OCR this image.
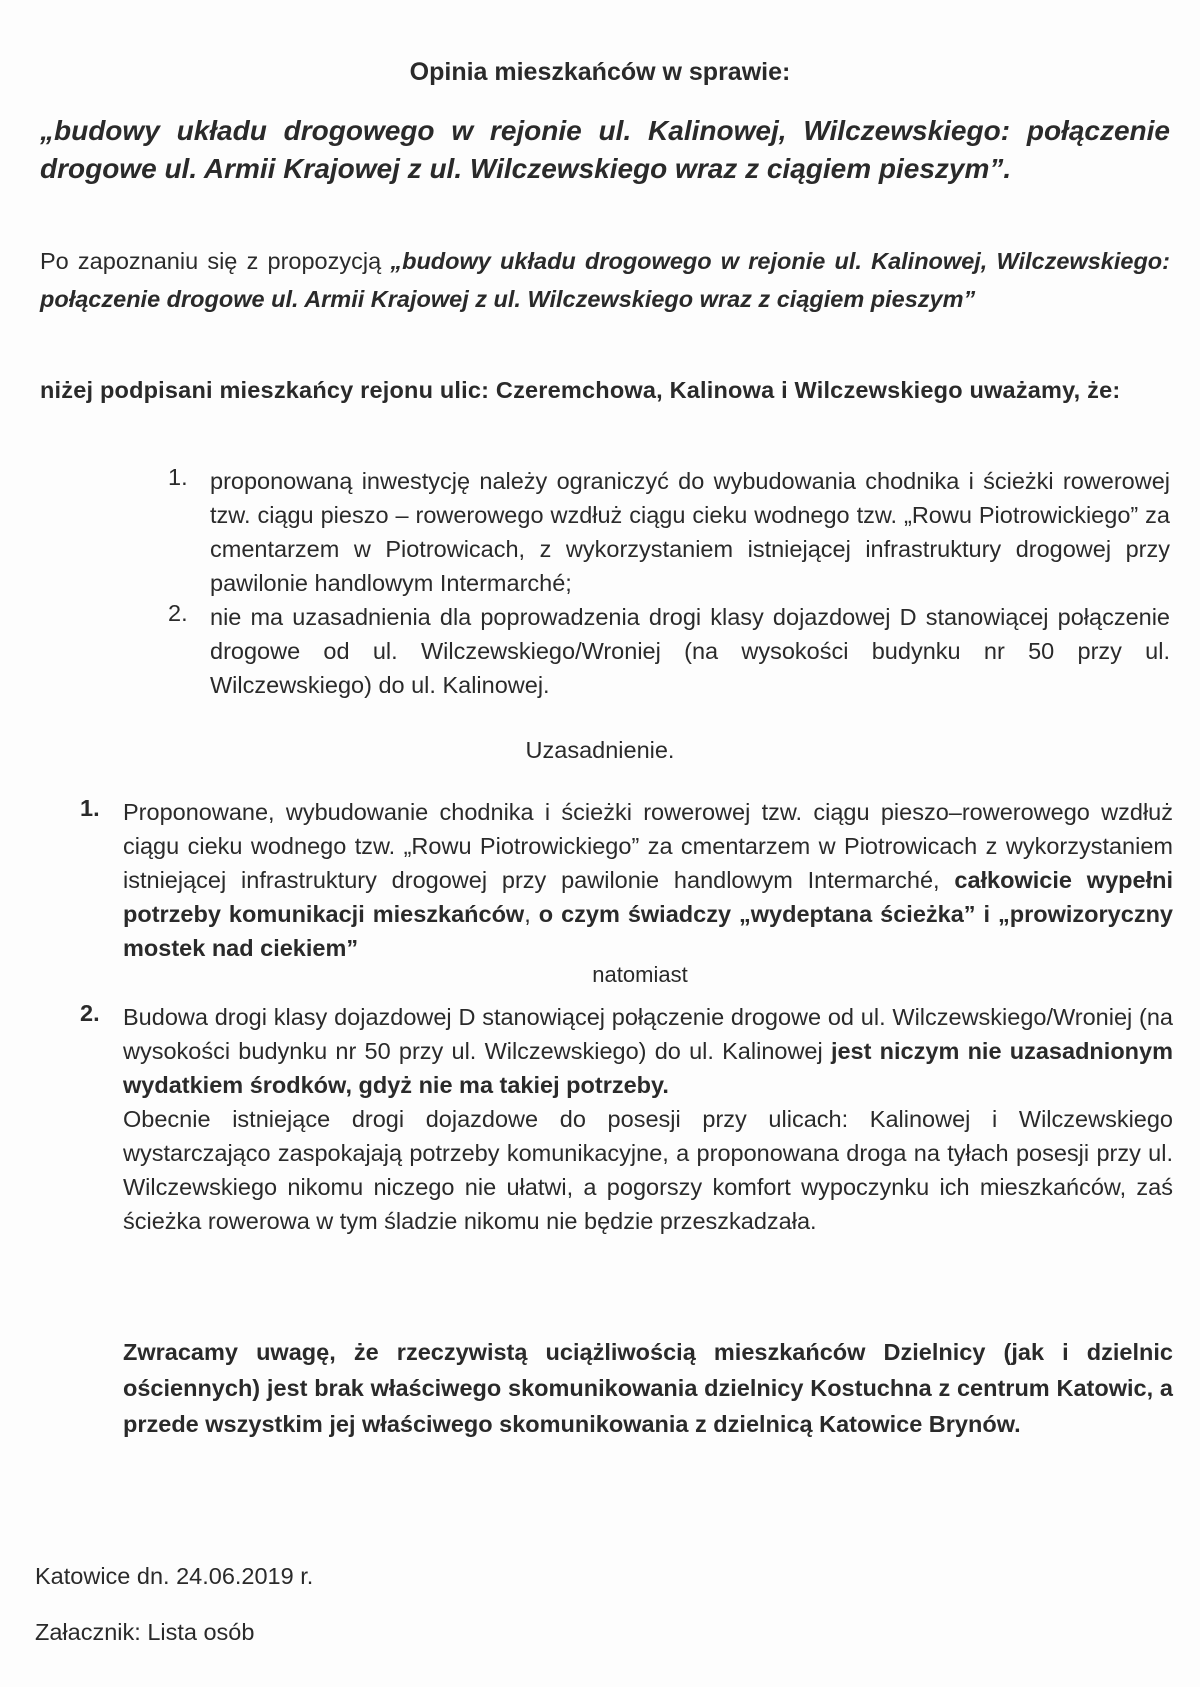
Opinia mieszkańców w sprawie:
„budowy układu drogowego w rejonie ul. Kalinowej, Wilczewskiego: połączenie drogowe ul. Armii Krajowej z ul. Wilczewskiego wraz z ciągiem pieszym”.
Po zapoznaniu się z propozycją „budowy układu drogowego w rejonie ul. Kalinowej, Wilczewskiego: połączenie drogowe ul. Armii Krajowej z ul. Wilczewskiego wraz z ciągiem pieszym”
niżej podpisani mieszkańcy rejonu ulic: Czeremchowa, Kalinowa i Wilczewskiego uważamy, że:
1. proponowaną inwestycję należy ograniczyć do wybudowania chodnika i ścieżki rowerowej tzw. ciągu pieszo – rowerowego wzdłuż ciągu cieku wodnego tzw. „Rowu Piotrowickiego” za cmentarzem w Piotrowicach, z wykorzystaniem istniejącej infrastruktury drogowej przy pawilonie handlowym Intermarché;
2. nie ma uzasadnienia dla poprowadzenia drogi klasy dojazdowej D stanowiącej połączenie drogowe od ul. Wilczewskiego/Wroniej (na wysokości budynku nr 50 przy ul. Wilczewskiego) do ul. Kalinowej.
Uzasadnienie.
1. Proponowane, wybudowanie chodnika i ścieżki rowerowej tzw. ciągu pieszo–rowerowego wzdłuż ciągu cieku wodnego tzw. „Rowu Piotrowickiego” za cmentarzem w Piotrowicach z wykorzystaniem istniejącej infrastruktury drogowej przy pawilonie handlowym Intermarché, całkowicie wypełni potrzeby komunikacji mieszkańców, o czym świadczy „wydeptana ścieżka” i „prowizoryczny mostek nad ciekiem”
natomiast
2. Budowa drogi klasy dojazdowej D stanowiącej połączenie drogowe od ul. Wilczewskiego/Wroniej (na wysokości budynku nr 50 przy ul. Wilczewskiego) do ul. Kalinowej jest niczym nie uzasadnionym wydatkiem środków, gdyż nie ma takiej potrzeby.
Obecnie istniejące drogi dojazdowe do posesji przy ulicach: Kalinowej i Wilczewskiego wystarczająco zaspokajają potrzeby komunikacyjne, a proponowana droga na tyłach posesji przy ul. Wilczewskiego nikomu niczego nie ułatwi, a pogorszy komfort wypoczynku ich mieszkańców, zaś ścieżka rowerowa w tym śladzie nikomu nie będzie przeszkadzała.
Zwracamy uwagę, że rzeczywistą uciążliwością mieszkańców Dzielnicy (jak i dzielnic ościennych) jest brak właściwego skomunikowania dzielnicy Kostuchna z centrum Katowic, a przede wszystkim jej właściwego skomunikowania z dzielnicą Katowice Brynów.
Katowice dn. 24.06.2019 r.
Załacznik: Lista osób
